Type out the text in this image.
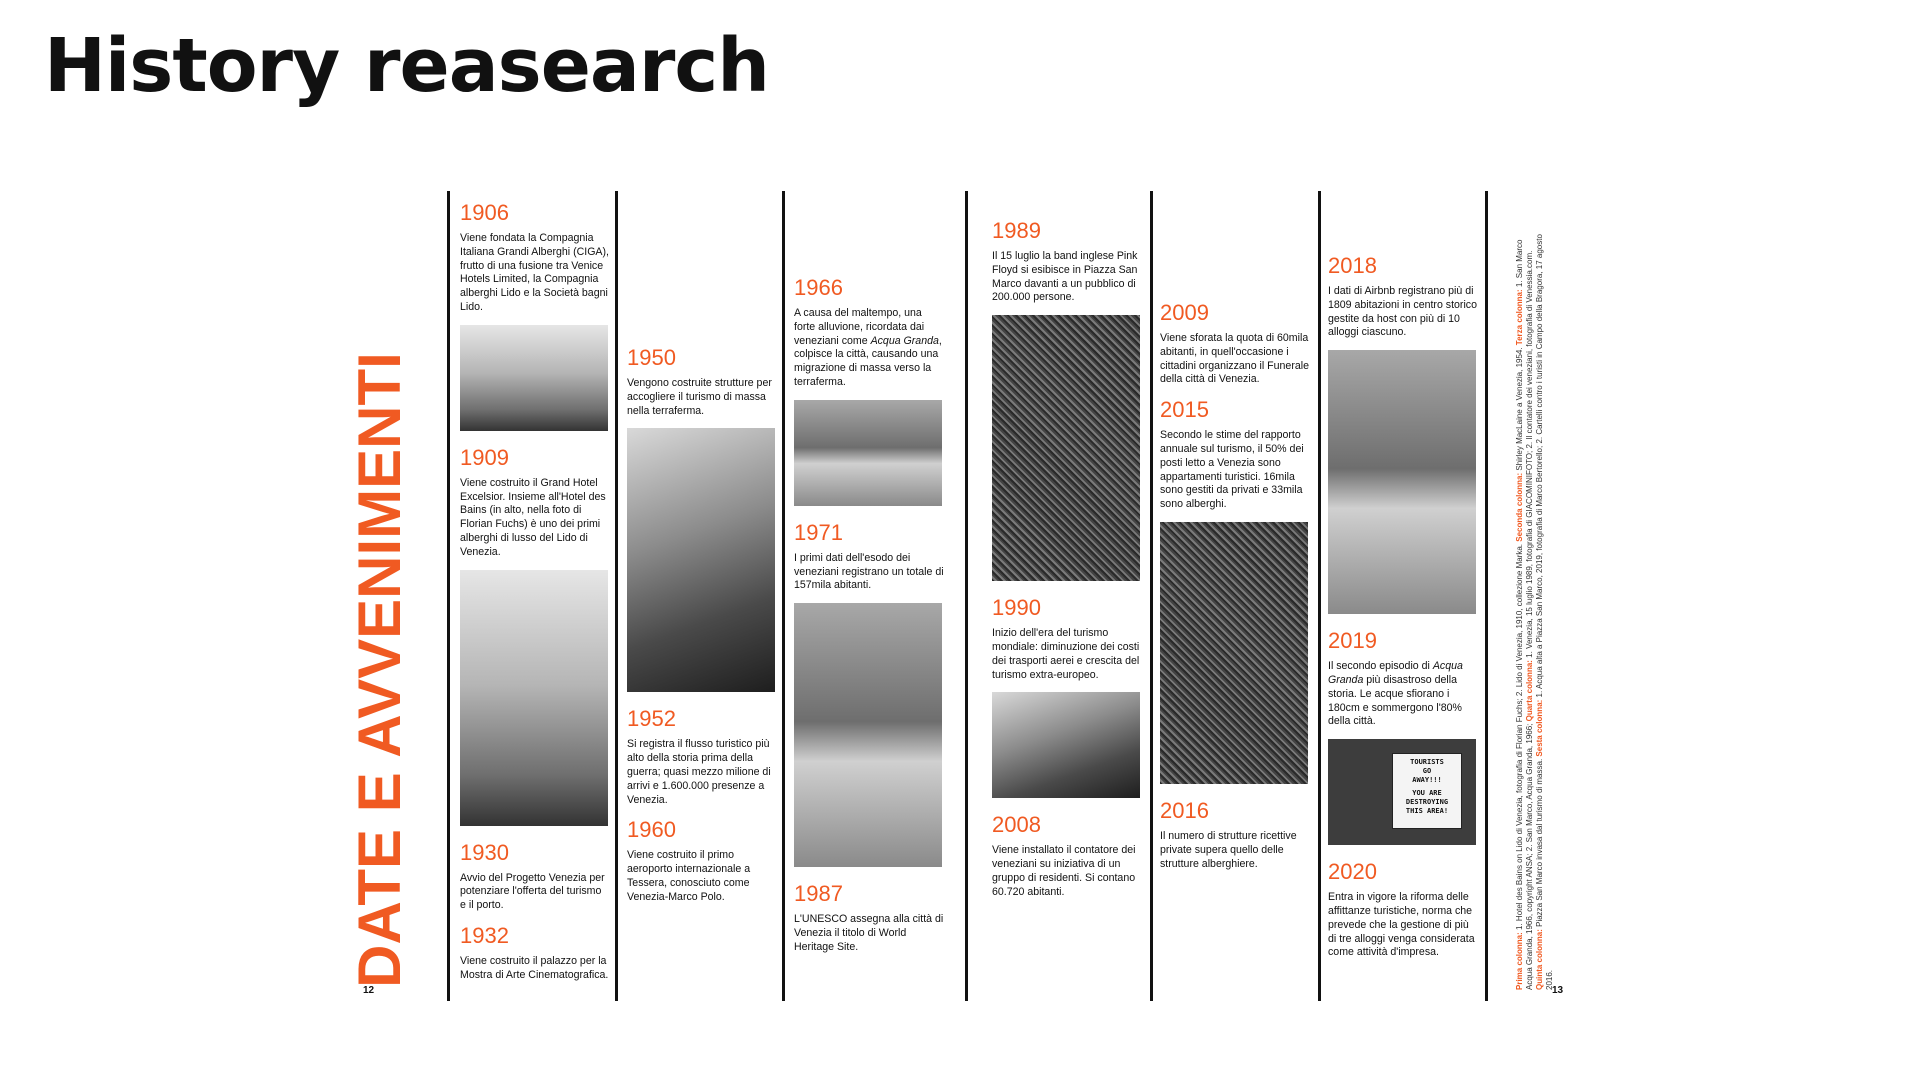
History reasearch
DATE E AVVENIMENTI
12	13

1906

Viene fondata la Compagnia Italiana Grandi Alberghi (CIGA), frutto di una fusione tra Venice Hotels Limited, la Compagnia alberghi Lido e la Società bagni Lido.

1909

Viene costruito il Grand Hotel Excelsior. Insieme all'Hotel des Bains (in alto, nella foto di Florian Fuchs) è uno dei primi alberghi di lusso del Lido di Venezia.

1930

Avvio del Progetto Venezia per potenziare l'offerta del turismo e il porto.

1932

Viene costruito il palazzo per la Mostra di Arte Cinematografica.

1950

Vengono costruite strutture per accogliere il turismo di massa nella terraferma.

1952

Si registra il flusso turistico più alto della storia prima della guerra; quasi mezzo milione di arrivi e 1.600.000 presenze a Venezia.

1960

Viene costruito il primo aeroporto internazionale a Tessera, conosciuto come Venezia-Marco Polo.

1966

A causa del maltempo, una forte alluvione, ricordata dai veneziani come Acqua Granda, colpisce la città, causando una migrazione di massa verso la terraferma.

1971

I primi dati dell'esodo dei veneziani registrano un totale di 157mila abitanti.

1987

L'UNESCO assegna alla città di Venezia il titolo di World Heritage Site.

1989

Il 15 luglio la band inglese Pink Floyd si esibisce in Piazza San Marco davanti a un pubblico di 200.000 persone.

1990

Inizio dell'era del turismo mondiale: diminuzione dei costi dei trasporti aerei e crescita del turismo extra-europeo.

2008

Viene installato il contatore dei veneziani su iniziativa di un gruppo di residenti. Si contano 60.720 abitanti.

2009

Viene sforata la quota di 60mila abitanti, in quell'occasione i cittadini organizzano il Funerale della città di Venezia.

2015

Secondo le stime del rapporto annuale sul turismo, il 50% dei posti letto a Venezia sono appartamenti turistici. 16mila sono gestiti da privati e 33mila sono alberghi.

2016

Il numero di strutture ricettive private supera quello delle strutture alberghiere.

2018

I dati di Airbnb registrano più di 1809 abitazioni in centro storico gestite da host con più di 10 alloggi ciascuno.

2019

Il secondo episodio di Acqua Granda più disastroso della storia. Le acque sfiorano i 180cm e sommergono l'80% della città.

TOURISTS
GO
AWAY!!!
YOU ARE
DESTROYING
THIS AREA!

2020

Entra in vigore la riforma delle affittanze turistiche, norma che prevede che la gestione di più di tre alloggi venga considerata come attività d'impresa.	Prima colonna: 1. Hotel des Bains on Lido di Venezia, fotografia di Florian Fuchs; 2. Lido di Venezia, 1910, collezione Marka. Seconda colonna: Shirley MacLaine a Venezia, 1954. Terza colonna: 1. San Marco Acqua Granda, 1966, copyright ANSA; 2. San Marco, Acqua Granda, 1966; Quarta colonna: 1. Venezia, 15 luglio 1989, fotografia di GIACOMINIFOTO; 2. Il contatore dei veneziani, fotografia di Venessia.com. Quinta colonna: Piazza San Marco invasa dal turismo di massa. Sesta colonna: 1. Acqua alta a Piazza San Marco, 2019, fotografia di Marco Bertorello; 2. Cartelli contro i turisti in Campo della Bragora, 17 agosto 2016.
